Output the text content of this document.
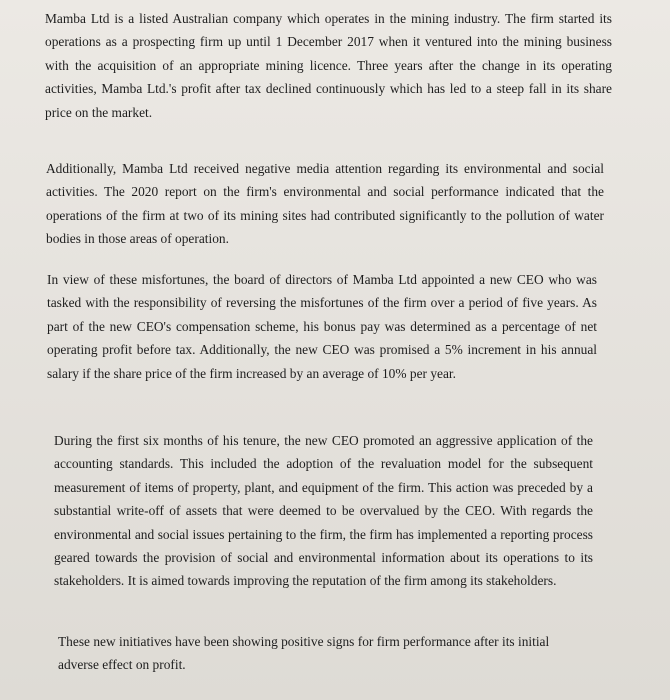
Mamba Ltd is a listed Australian company which operates in the mining industry. The firm started its operations as a prospecting firm up until 1 December 2017 when it ventured into the mining business with the acquisition of an appropriate mining licence. Three years after the change in its operating activities, Mamba Ltd.'s profit after tax declined continuously which has led to a steep fall in its share price on the market.

Additionally, Mamba Ltd received negative media attention regarding its environmental and social activities. The 2020 report on the firm's environmental and social performance indicated that the operations of the firm at two of its mining sites had contributed significantly to the pollution of water bodies in those areas of operation.

In view of these misfortunes, the board of directors of Mamba Ltd appointed a new CEO who was tasked with the responsibility of reversing the misfortunes of the firm over a period of five years. As part of the new CEO's compensation scheme, his bonus pay was determined as a percentage of net operating profit before tax. Additionally, the new CEO was promised a 5% increment in his annual salary if the share price of the firm increased by an average of 10% per year.

During the first six months of his tenure, the new CEO promoted an aggressive application of the accounting standards. This included the adoption of the revaluation model for the subsequent measurement of items of property, plant, and equipment of the firm. This action was preceded by a substantial write-off of assets that were deemed to be overvalued by the CEO. With regards the environmental and social issues pertaining to the firm, the firm has implemented a reporting process geared towards the provision of social and environmental information about its operations to its stakeholders. It is aimed towards improving the reputation of the firm among its stakeholders.

These new initiatives have been showing positive signs for firm performance after its initial adverse effect on profit.
